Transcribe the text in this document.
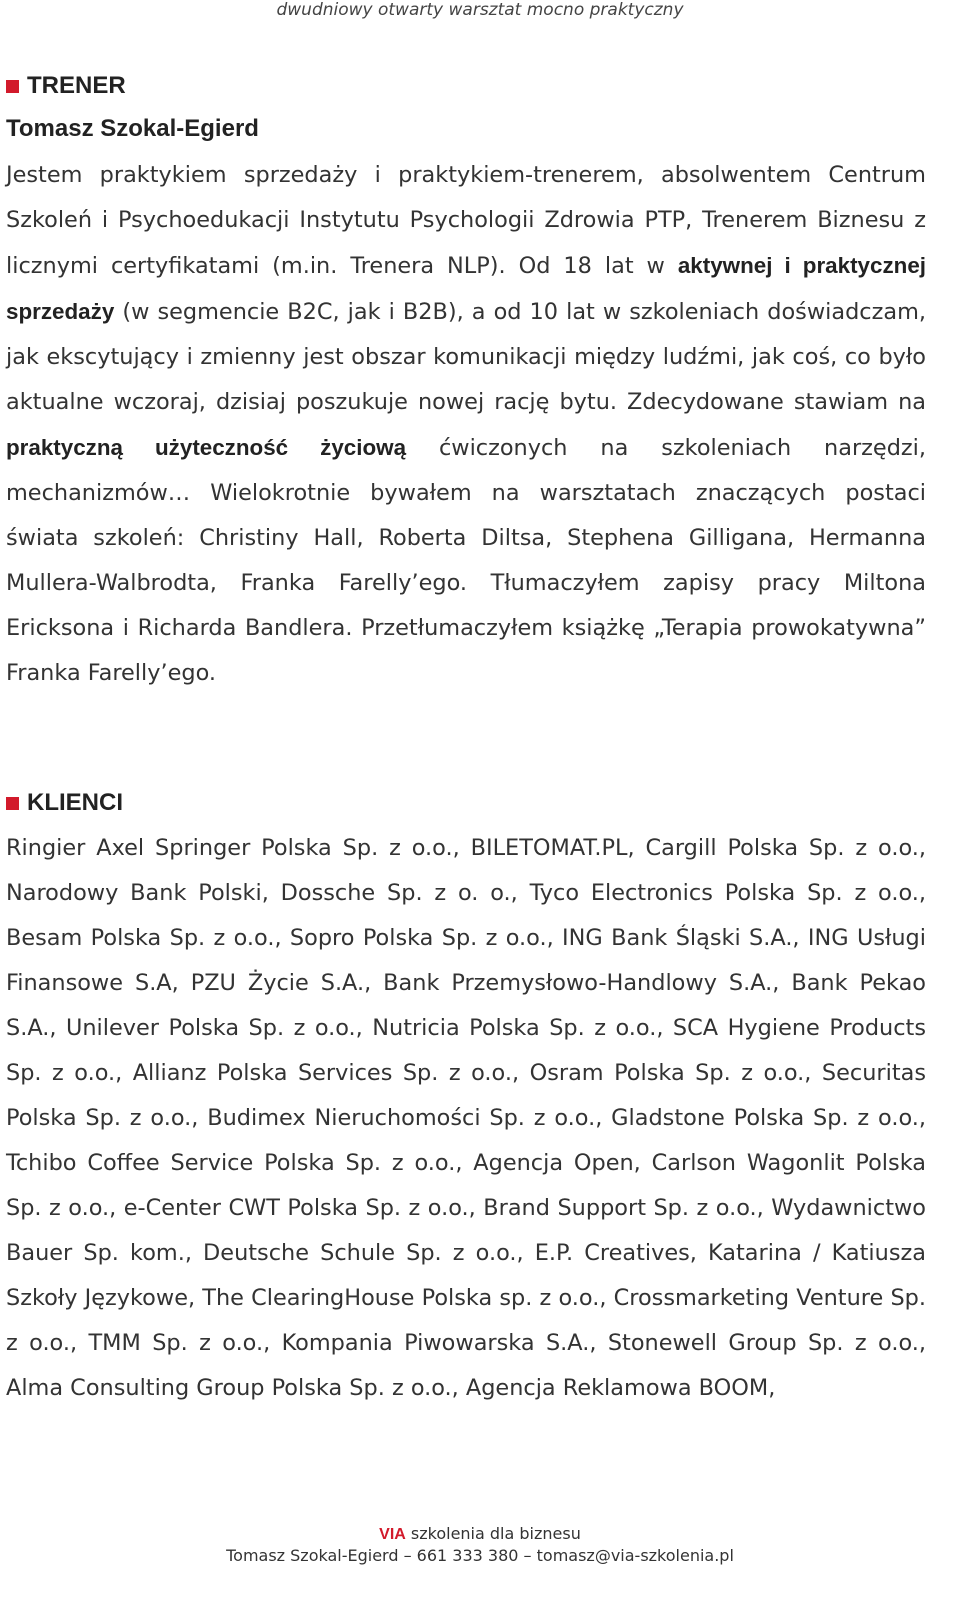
dwudniowy otwarty warsztat mocno praktyczny
TRENER
Tomasz Szokal-Egierd

Jestem praktykiem sprzedaży i praktykiem-trenerem, absolwentem Centrum Szkoleń i Psychoedukacji Instytutu Psychologii Zdrowia PTP, Trenerem Biznesu z licznymi certyfikatami (m.in. Trenera NLP). Od 18 lat w aktywnej i praktycznej sprzedaży (w segmencie B2C, jak i B2B), a od 10 lat w szkoleniach doświadczam, jak ekscytujący i zmienny jest obszar komunikacji między ludźmi, jak coś, co było aktualne wczoraj, dzisiaj poszukuje nowej rację bytu. Zdecydowane stawiam na praktyczną użyteczność życiową ćwiczonych na szkoleniach narzędzi, mechanizmów… Wielokrotnie bywałem na warsztatach znaczących postaci świata szkoleń: Christiny Hall, Roberta Diltsa, Stephena Gilligana, Hermanna Mullera-Walbrodta, Franka Farelly’ego. Tłumaczyłem zapisy pracy Miltona Ericksona i Richarda Bandlera. Przetłumaczyłem książkę „Terapia prowokatywna” Franka Farelly’ego.

KLIENCI

Ringier Axel Springer Polska Sp. z o.o., BILETOMAT.PL, Cargill Polska Sp. z o.o., Narodowy Bank Polski, Dossche Sp. z o. o., Tyco Electronics Polska Sp. z o.o., Besam Polska Sp. z o.o., Sopro Polska Sp. z o.o., ING Bank Śląski S.A., ING Usługi Finansowe S.A, PZU Życie S.A., Bank Przemysłowo-Handlowy S.A., Bank Pekao S.A., Unilever Polska Sp. z o.o., Nutricia Polska Sp. z o.o., SCA Hygiene Products Sp. z o.o., Allianz Polska Services Sp. z o.o., Osram Polska Sp. z o.o., Securitas Polska Sp. z o.o., Budimex Nieruchomości Sp. z o.o., Gladstone Polska Sp. z o.o., Tchibo Coffee Service Polska Sp. z o.o., Agencja Open, Carlson Wagonlit Polska Sp. z o.o., e-Center CWT Polska Sp. z o.o., Brand Support Sp. z o.o., Wydawnictwo Bauer Sp. kom., Deutsche Schule Sp. z o.o., E.P. Creatives, Katarina / Katiusza Szkoły Językowe, The ClearingHouse Polska sp. z o.o., Crossmarketing Venture Sp. z o.o., TMM Sp. z o.o., Kompania Piwowarska S.A., Stonewell Group Sp. z o.o., Alma Consulting Group Polska Sp. z o.o., Agencja Reklamowa BOOM,

VIA szkolenia dla biznesu
Tomasz Szokal-Egierd – 661 333 380 – tomasz@via-szkolenia.pl
